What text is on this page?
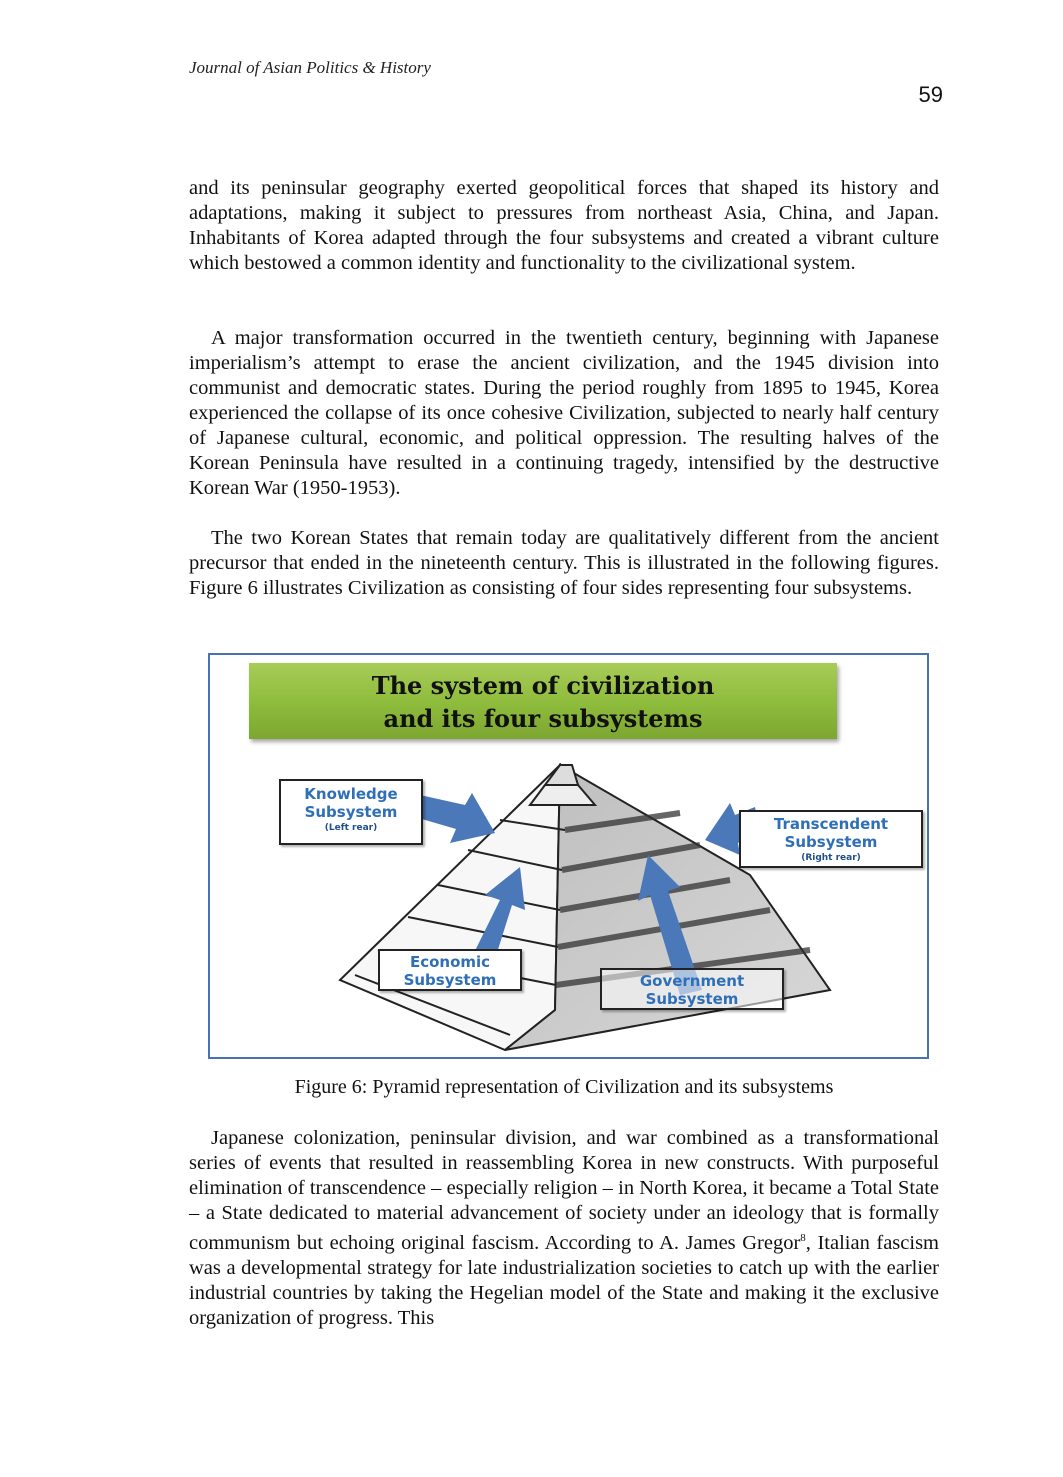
Journal of Asian Politics & History
59

and its peninsular geography exerted geopolitical forces that shaped its history and adaptations, making it subject to pressures from northeast Asia, China, and Japan. Inhabitants of Korea adapted through the four subsystems and created a vibrant culture which bestowed a common identity and functionality to the civilizational system.

A major transformation occurred in the twentieth century, beginning with Japanese imperialism’s attempt to erase the ancient civilization, and the 1945 division into communist and democratic states. During the period roughly from 1895 to 1945, Korea experienced the collapse of its once cohesive Civilization, subjected to nearly half century of Japanese cultural, economic, and political oppression. The resulting halves of the Korean Peninsula have resulted in a continuing tragedy, intensified by the destructive Korean War (1950-1953).

The two Korean States that remain today are qualitatively different from the ancient precursor that ended in the nineteenth century. This is illustrated in the following figures. Figure 6 illustrates Civilization as consisting of four sides representing four subsystems.

The system of civilization
and its four subsystems
Knowledge
Subsystem
(Left rear)	Transcendent
Subsystem
(Right rear)
Economic
Subsystem	Government
Subsystem
Figure 6: Pyramid representation of Civilization and its subsystems

Japanese colonization, peninsular division, and war combined as a transformational series of events that resulted in reassembling Korea in new constructs. With purposeful elimination of transcendence – especially religion – in North Korea, it became a Total State – a State dedicated to material advancement of society under an ideology that is formally communism but echoing original fascism. According to A. James Gregor$^8$, Italian fascism was a developmental strategy for late industrialization societies to catch up with the earlier industrial countries by taking the Hegelian model of the State and making it the exclusive organization of progress. This
